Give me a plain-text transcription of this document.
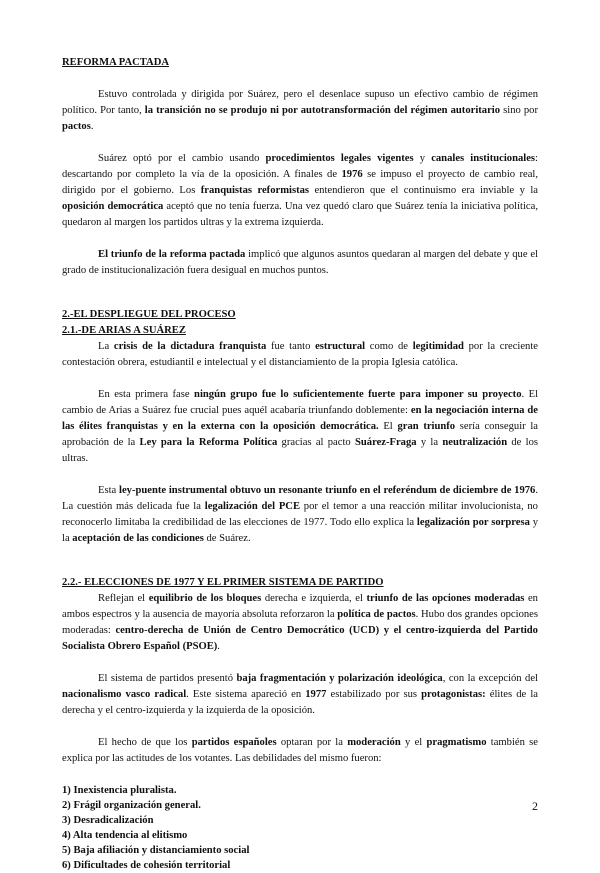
REFORMA PACTADA

Estuvo controlada y dirigida por Suárez, pero el desenlace supuso un efectivo cambio de régimen político. Por tanto, la transición no se produjo ni por autotransformación del régimen autoritario sino por pactos.

Suárez optó por el cambio usando procedimientos legales vigentes y canales institucionales: descartando por completo la vía de la oposición. A finales de 1976 se impuso el proyecto de cambio real, dirigido por el gobierno. Los franquistas reformistas entendieron que el continuismo era inviable y la oposición democrática aceptó que no tenía fuerza. Una vez quedó claro que Suárez tenía la iniciativa política, quedaron al margen los partidos ultras y la extrema izquierda.

El triunfo de la reforma pactada implicó que algunos asuntos quedaran al margen del debate y que el grado de institucionalización fuera desigual en muchos puntos.

2.-EL DESPLIEGUE DEL PROCESO
2.1.-DE ARIAS A SUÁREZ

La crisis de la dictadura franquista fue tanto estructural como de legitimidad por la creciente contestación obrera, estudiantil e intelectual y el distanciamiento de la propia Iglesia católica.

En esta primera fase ningún grupo fue lo suficientemente fuerte para imponer su proyecto. El cambio de Arias a Suárez fue crucial pues aquél acabaría triunfando doblemente: en la negociación interna de las élites franquistas y en la externa con la oposición democrática. El gran triunfo sería conseguir la aprobación de la Ley para la Reforma Política gracias al pacto Suárez-Fraga y la neutralización de los ultras.

Esta ley-puente instrumental obtuvo un resonante triunfo en el referéndum de diciembre de 1976. La cuestión más delicada fue la legalización del PCE por el temor a una reacción militar involucionista, no reconocerlo limitaba la credibilidad de las elecciones de 1977. Todo ello explica la legalización por sorpresa y la aceptación de las condiciones de Suárez.

2.2.- ELECCIONES DE 1977 Y EL PRIMER SISTEMA DE PARTIDO

Reflejan el equilibrio de los bloques derecha e izquierda, el triunfo de las opciones moderadas en ambos espectros y la ausencia de mayoría absoluta reforzaron la política de pactos. Hubo dos grandes opciones moderadas: centro-derecha de Unión de Centro Democrático (UCD) y el centro-izquierda del Partido Socialista Obrero Español (PSOE).

El sistema de partidos presentó baja fragmentación y polarización ideológica, con la excepción del nacionalismo vasco radical. Este sistema apareció en 1977 estabilizado por sus protagonistas: élites de la derecha y el centro-izquierda y la izquierda de la oposición.

El hecho de que los partidos españoles optaran por la moderación y el pragmatismo también se explica por las actitudes de los votantes. Las debilidades del mismo fueron:

1) Inexistencia pluralista.
2) Frágil organización general.
3) Desradicalización
4) Alta tendencia al elitismo
5) Baja afiliación y distanciamiento social
6) Dificultades de cohesión territorial
2
